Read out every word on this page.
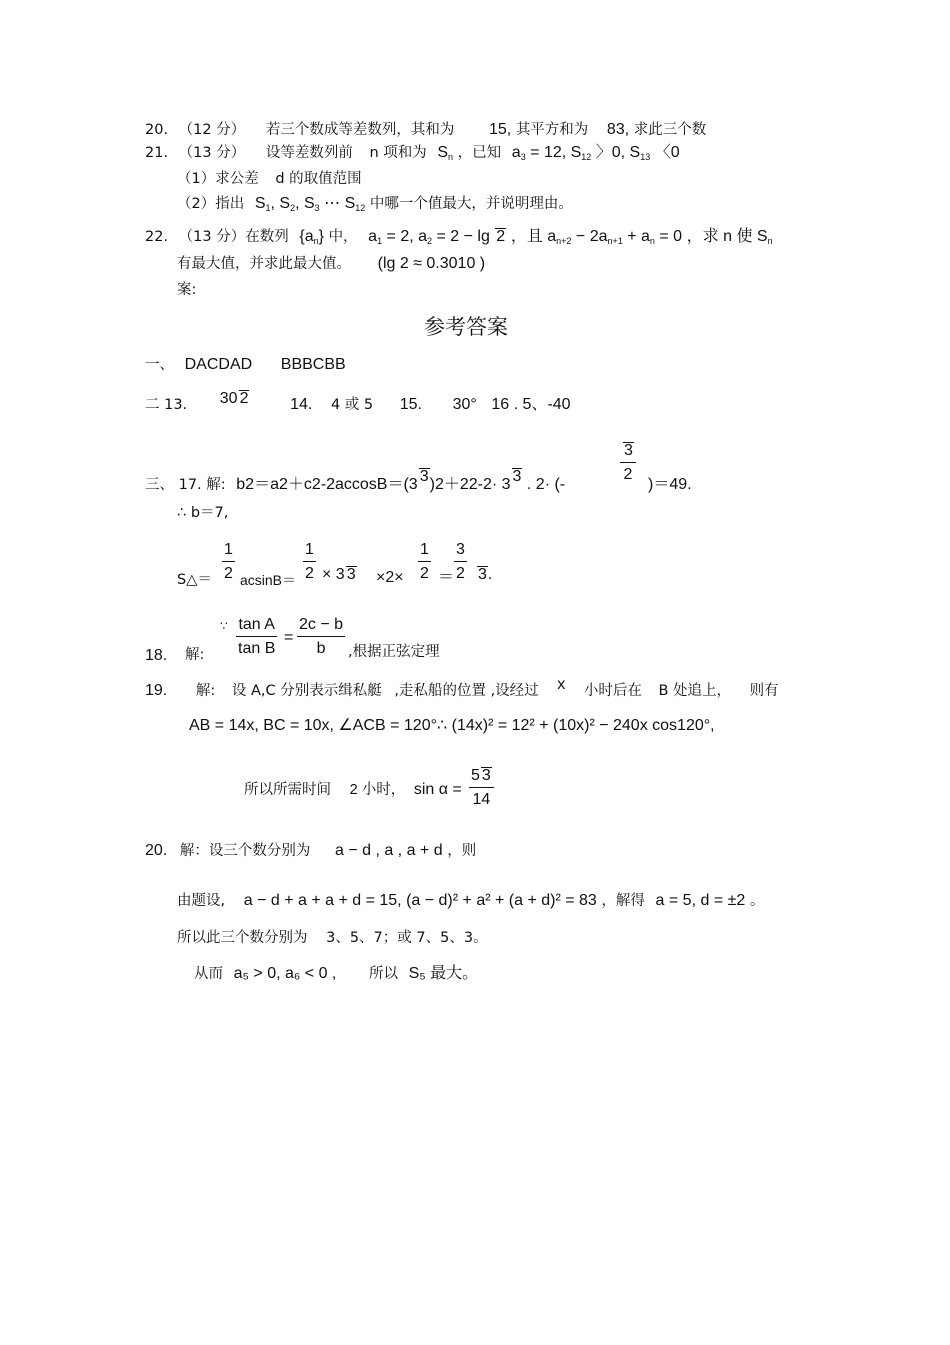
20. （12 分） 若三个数成等差数列，其和为 15, 其平方和为 83, 求此三个数
21. （13 分） 设等差数列前 n 项和为 $S_n$ ，已知 $a_3 = 12$, $S_{12}$ 〉0, $S_{13}$ 〈0
（1）求公差 d 的取值范围
（2）指出 $S_1$, $S_2$, $S_3$ ⋯ $S_{12}$ 中哪一个值最大，并说明理由。
22. （13 分）在数列 $\{a_n\}$ 中， $a_1 = 2$, $a_2 = 2 - \lg 2$ ，且 $a_{n+2} - 2a_{n+1} + a_n = 0$ ，求 n 使 $S_n$
有最大值，并求此最大值。 (lg 2 ≈ 0.3010 )
案:
参考答案
一、 DACDAD BBBCBB
二 13. 30 2	14. 4 或 5 15. 30° 16 . 5、-40
三、 17. 解: b2＝a2＋c2-2accosB＝(3 3)2＋22-2· 3 3 . 2· (-
$\frac{3}{2}$
)＝49.
∴ b＝7,
S△＝ $\frac{1}{2} acsinB= \frac{1}{2} \times 3$ $3 \times 2\times \frac{1}{2} = \frac{3}{2} 3$.
18. 解:
∵ $\frac{\text{tan A}}{\text{tan B}} = \frac{2c - b}{b}$ ,根据正弦定理
19. 解: 设 A,C 分别表示缉私艇 ,走私船的位置 ,设经过 x 小时后在 B 处追上， 则有
AB = 14x, BC = 10x, ∠ACB = 120°∴ (14x)² = 12² + (10x)² − 240x cos120°,
所以所需时间 2 小时， $\sin \alpha = \frac{5 3}{14}$
20. 解：设三个数分别为 a − d , a , a + d ，则
由题设, a − d + a + a + d = 15, (a − d)² + a² + (a + d)² = 83 ，解得 a = 5, d = ±2 。
所以此三个数分别为 3、5、7；或 7、5、3。
从而 a₅ > 0, a₆ < 0 , 所以 S₅ 最大。
